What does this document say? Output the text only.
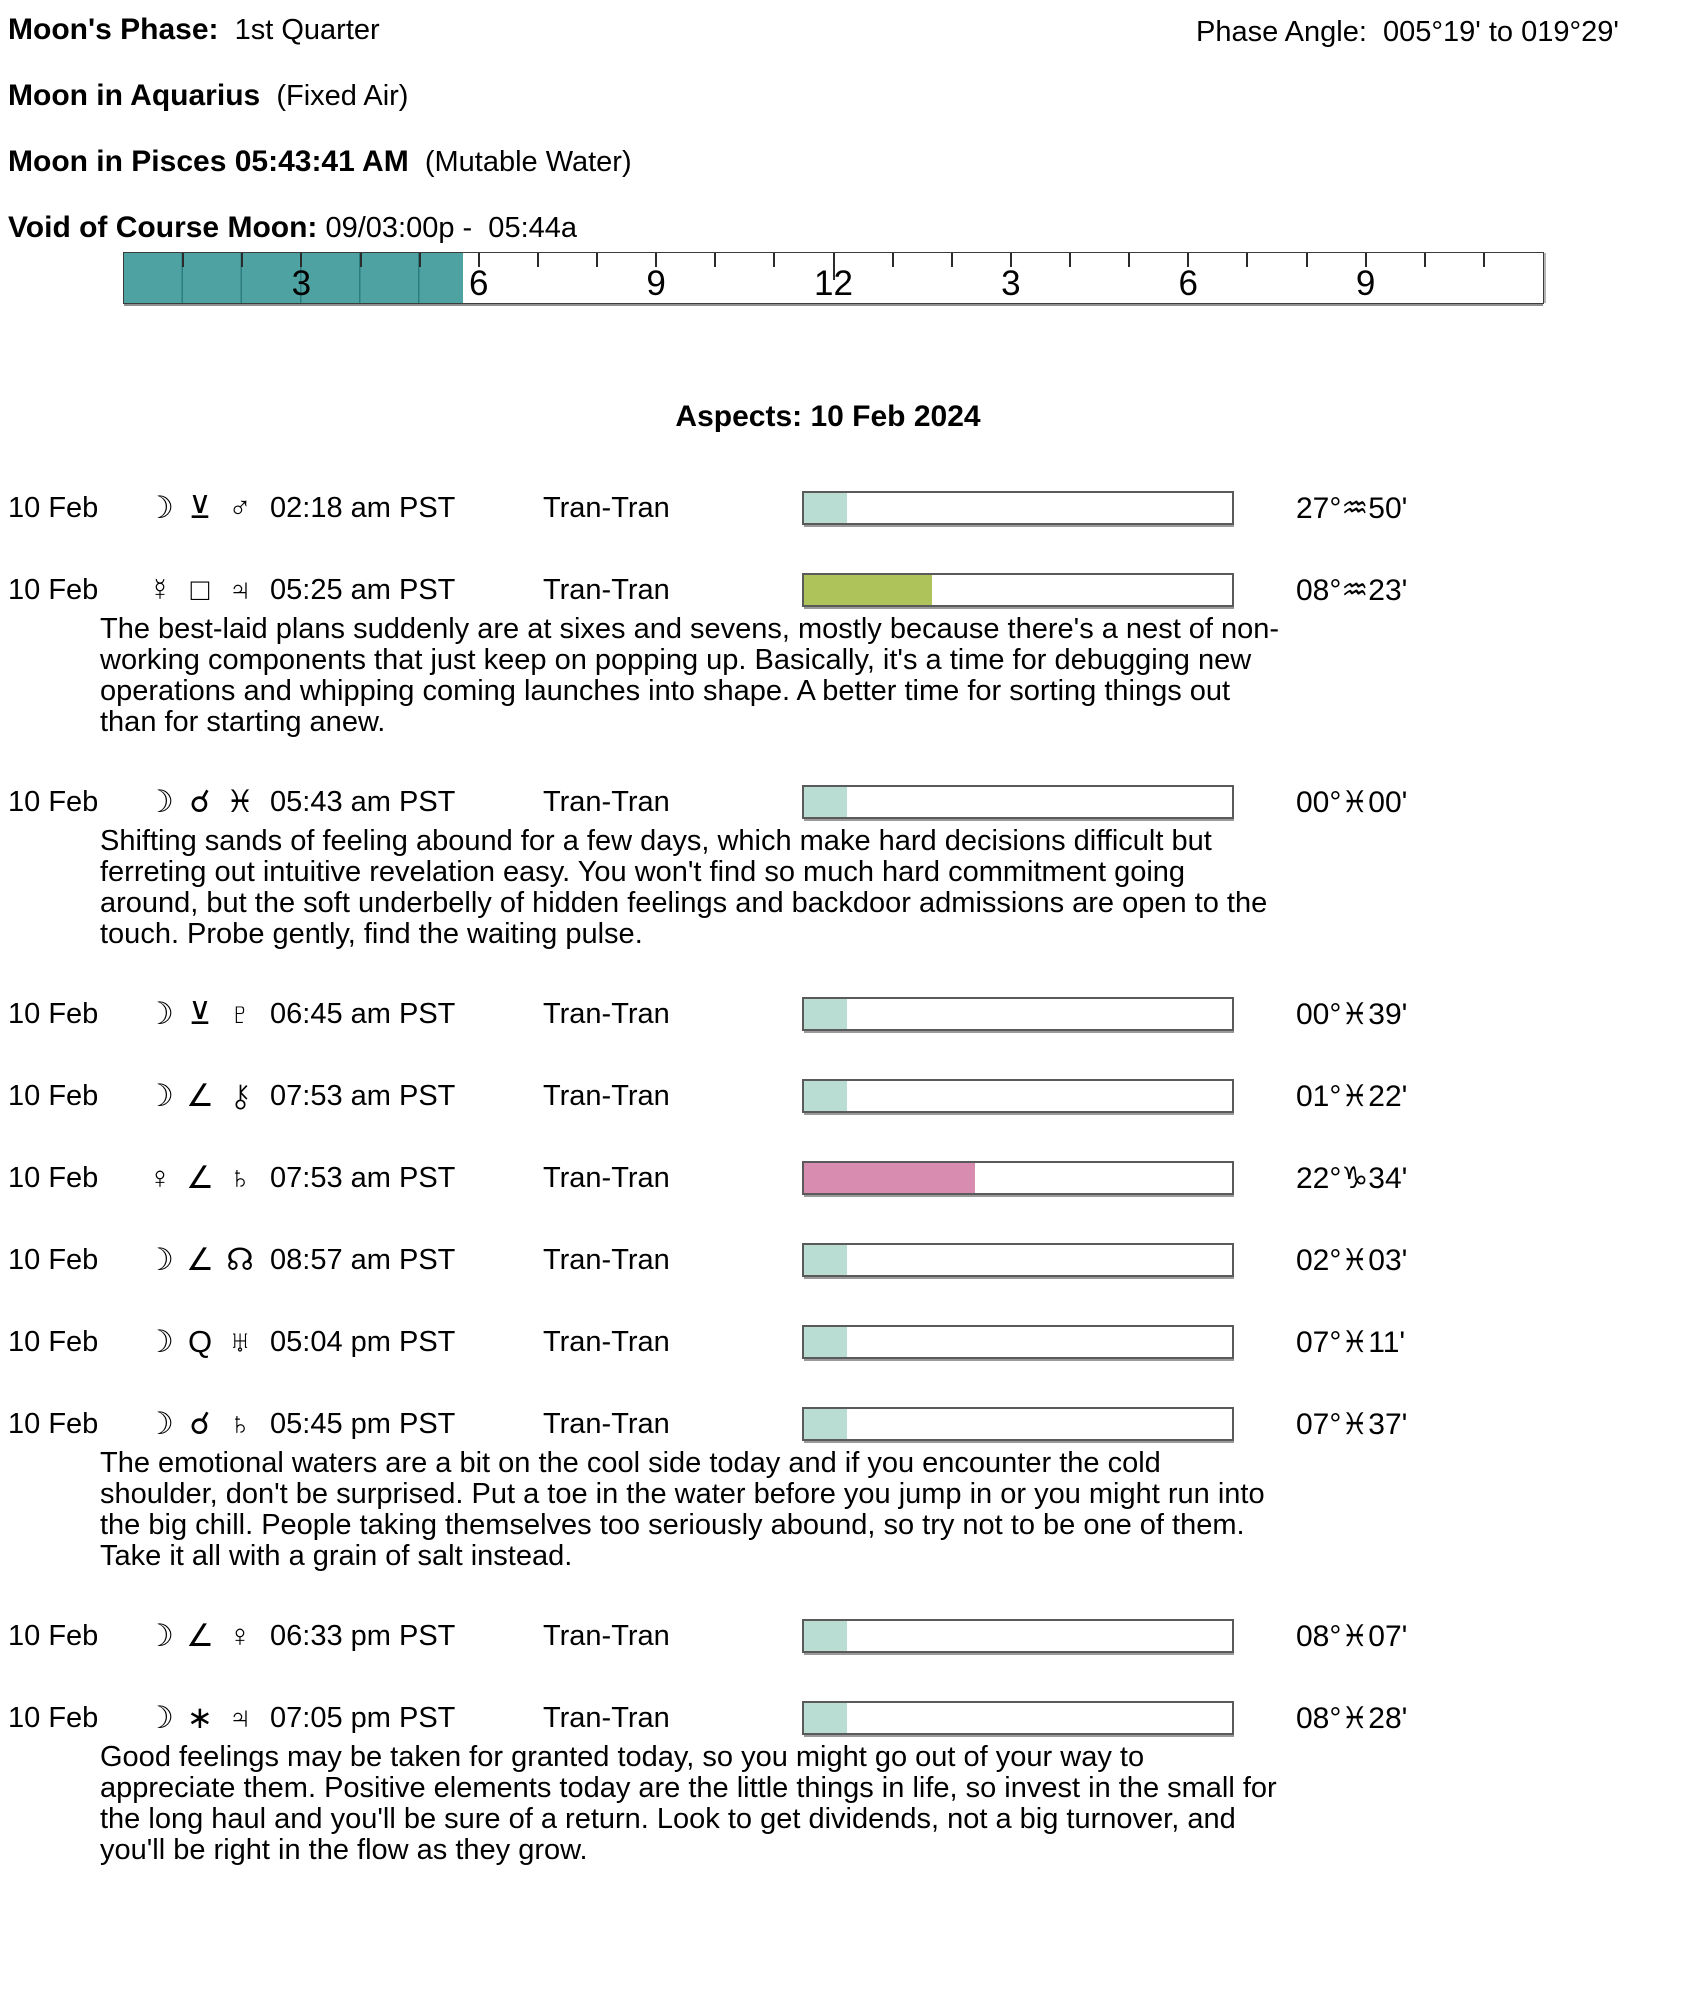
Moon's Phase: 1st Quarter	Phase Angle: 005°19' to 019°29'
Moon in Aquarius (Fixed Air)
Moon in Pisces 05:43:41 AM (Mutable Water)
Void of Course Moon: 09/03:00p -  05:44a
3	6	9	12	3	6	9
Aspects: 10 Feb 2024
10 Feb	☽ ⊻ ♂ 02:18 am PST	Tran-Tran	27°♒50'
10 Feb	☿ □ ♃ 05:25 am PST	Tran-Tran	08°♒23'
The best-laid plans suddenly are at sixes and sevens, mostly because there's a nest of non-working components that just keep on popping up. Basically, it's a time for debugging new operations and whipping coming launches into shape. A better time for sorting things out than for starting anew.
10 Feb	☽ ☌ ♓ 05:43 am PST	Tran-Tran	00°♓00'
Shifting sands of feeling abound for a few days, which make hard decisions difficult but ferreting out intuitive revelation easy. You won't find so much hard commitment going around, but the soft underbelly of hidden feelings and backdoor admissions are open to the touch. Probe gently, find the waiting pulse.
10 Feb	☽ ⊻ ♇ 06:45 am PST	Tran-Tran	00°♓39'
10 Feb	☽ ∠ 07:53 am PST	Tran-Tran	01°♓22'
10 Feb	♀ ∠ ♄ 07:53 am PST	Tran-Tran	22°♑34'
10 Feb	☽ ∠ ☊ 08:57 am PST	Tran-Tran	02°♓03'
10 Feb	☽ Q ♅ 05:04 pm PST	Tran-Tran	07°♓11'
10 Feb	☽ ☌ ♄ 05:45 pm PST	Tran-Tran	07°♓37'
The emotional waters are a bit on the cool side today and if you encounter the cold shoulder, don't be surprised. Put a toe in the water before you jump in or you might run into the big chill. People taking themselves too seriously abound, so try not to be one of them. Take it all with a grain of salt instead.
10 Feb	☽ ∠ ♀ 06:33 pm PST	Tran-Tran	08°♓07'
10 Feb	☽ ∗ ♃ 07:05 pm PST	Tran-Tran	08°♓28'
Good feelings may be taken for granted today, so you might go out of your way to appreciate them. Positive elements today are the little things in life, so invest in the small for the long haul and you'll be sure of a return. Look to get dividends, not a big turnover, and you'll be right in the flow as they grow.
